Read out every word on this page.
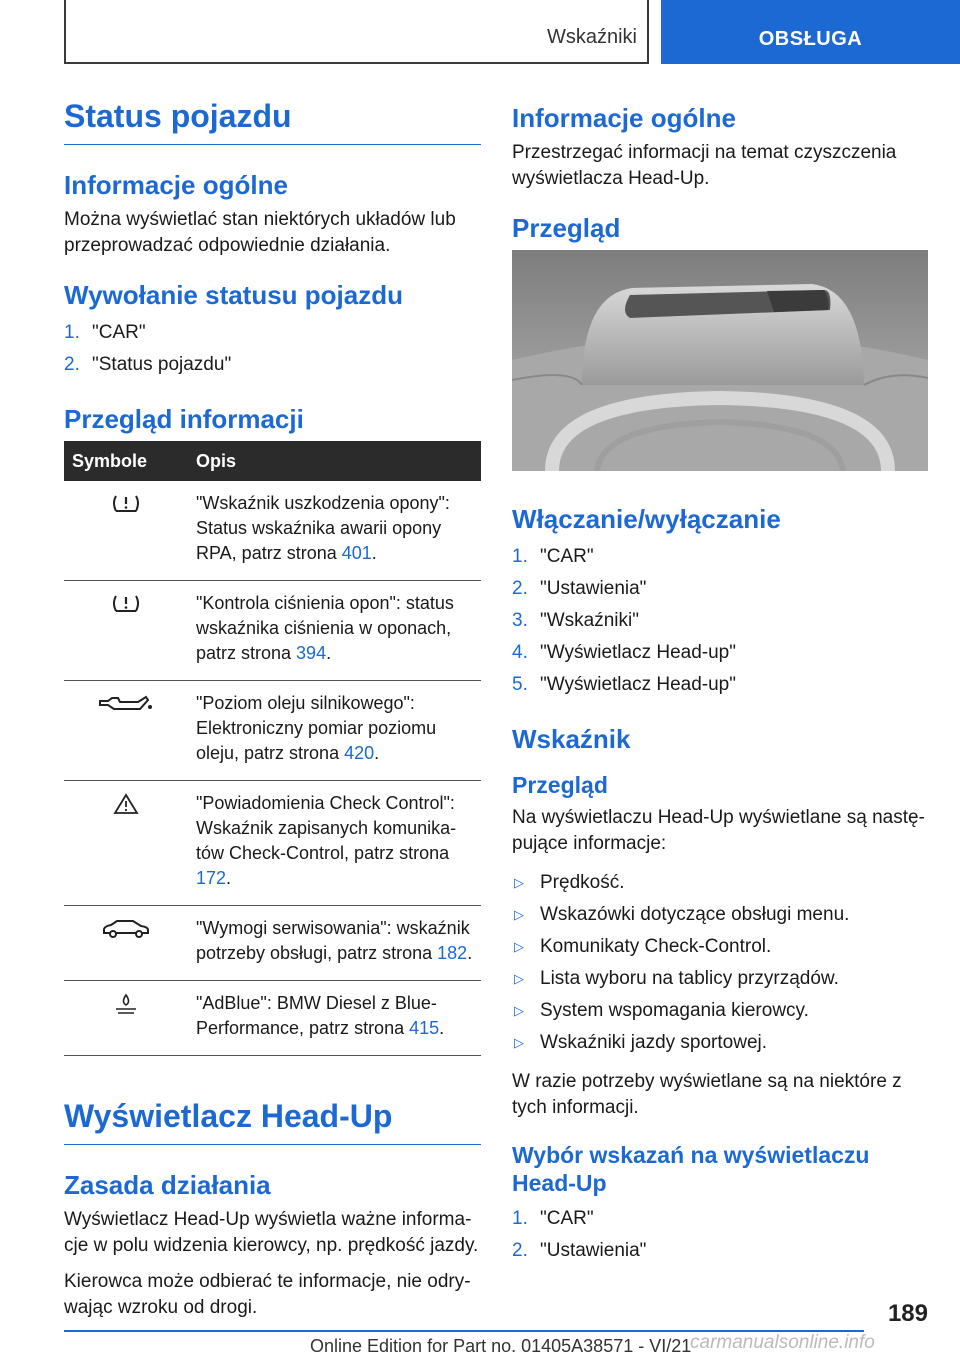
Wskaźniki	OBSŁUGA
Status pojazdu
Informacje ogólne
Można wyświetlać stan niektórych układów lub przeprowadzać odpowiednie działania.
Wywołanie statusu pojazdu
1. "CAR"
2. "Status pojazdu"
Przegląd informacji
Symbole	Opis
	"Wskaźnik uszkodzenia opony": Status wskaźnika awarii opony RPA, patrz strona 401.
	"Kontrola ciśnienia opon": status wskaźnika ciśnienia w oponach, patrz strona 394.
	"Poziom oleju silnikowego": Elektroniczny pomiar poziomu oleju, patrz strona 420.
	"Powiadomienia Check Control": Wskaźnik zapisanych komunikatów Check-Control, patrz strona 172.
	"Wymogi serwisowania": wskaźnik potrzeby obsługi, patrz strona 182.
	"AdBlue": BMW Diesel z BluePerformance, patrz strona 415.
Wyświetlacz Head-Up
Zasada działania
Wyświetlacz Head-Up wyświetla ważne informacje w polu widzenia kierowcy, np. prędkość jazdy.
Kierowca może odbierać te informacje, nie odrywając wzroku od drogi.
Informacje ogólne
Przestrzegać informacji na temat czyszczenia wyświetlacza Head-Up.
Przegląd
Włączanie/wyłączanie
1. "CAR"
2. "Ustawienia"
3. "Wskaźniki"
4. "Wyświetlacz Head-up"
5. "Wyświetlacz Head-up"
Wskaźnik
Przegląd
Na wyświetlaczu Head-Up wyświetlane są następujące informacje:
▷ Prędkość.
▷ Wskazówki dotyczące obsługi menu.
▷ Komunikaty Check-Control.
▷ Lista wyboru na tablicy przyrządów.
▷ System wspomagania kierowcy.
▷ Wskaźniki jazdy sportowej.
W razie potrzeby wyświetlane są na niektóre z tych informacji.
Wybór wskazań na wyświetlaczu Head-Up
1. "CAR"
2. "Ustawienia"
189
Online Edition for Part no. 01405A38571 - VI/21
carmanualsonline.info
